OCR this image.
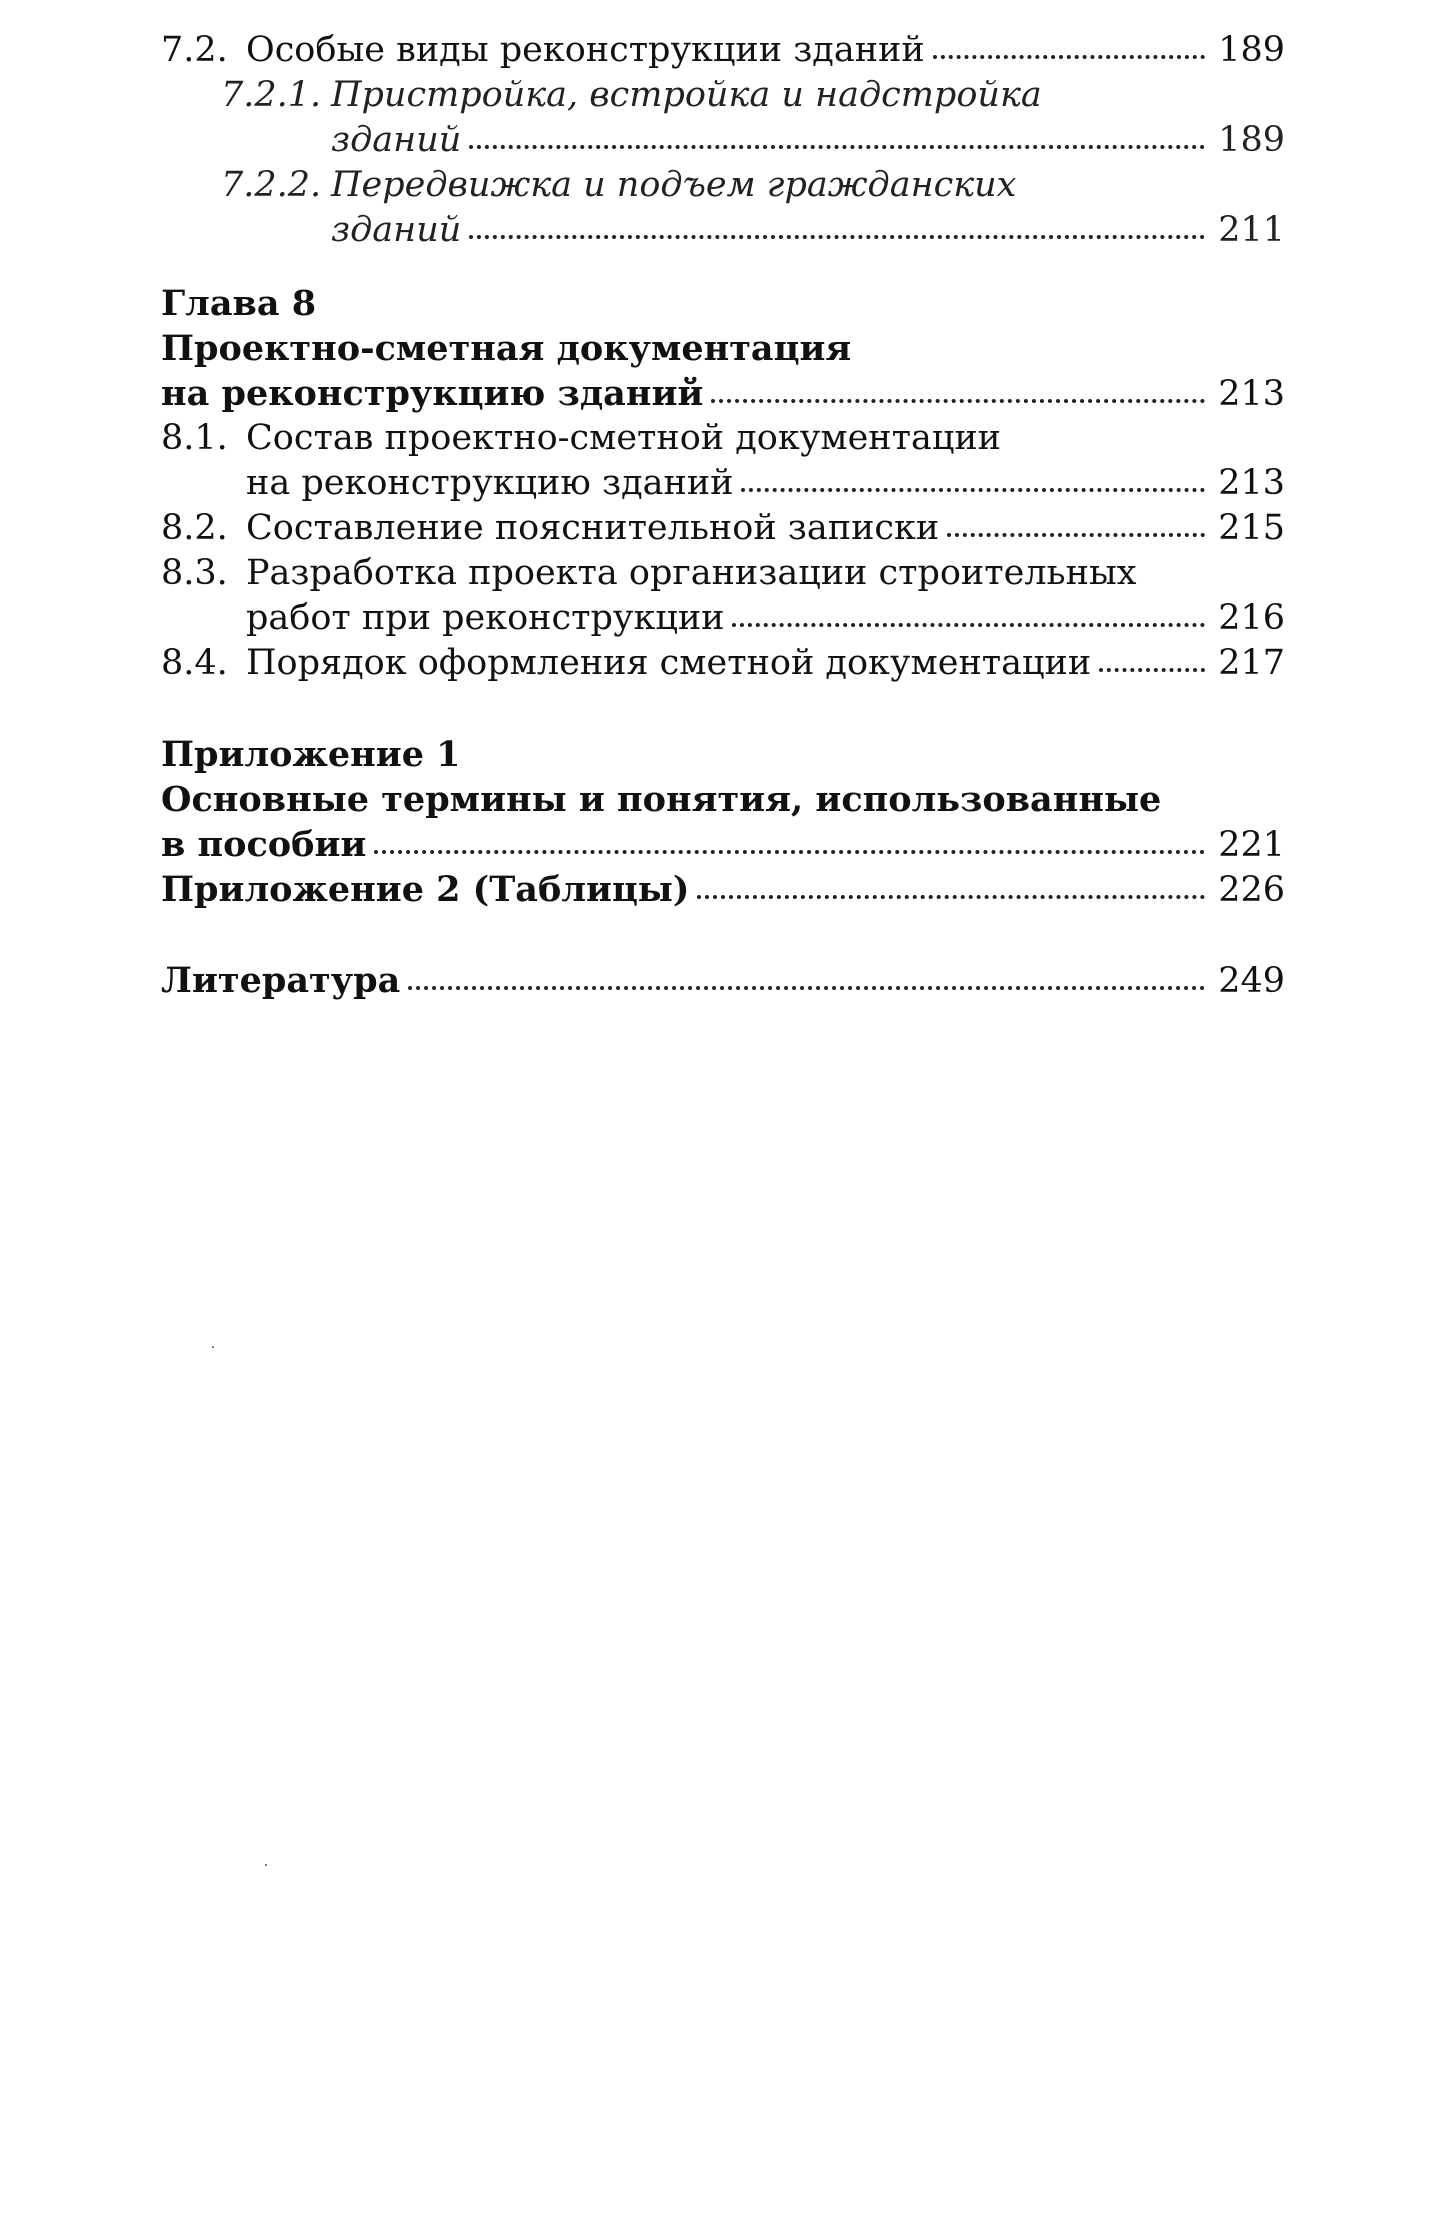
7.2. Особые виды реконструкции зданий	189
7.2.1. Пристройка, встройка и надстройка
зданий	189
7.2.2. Передвижка и подъем гражданских
зданий	211
Глава 8
Проектно-сметная документация
на реконструкцию зданий	213
8.1. Состав проектно-сметной документации
на реконструкцию зданий	213
8.2. Составление пояснительной записки	215
8.3. Разработка проекта организации строительных
работ при реконструкции	216
8.4. Порядок оформления сметной документации	217
Приложение 1
Основные термины и понятия, использованные
в пособии	221
Приложение 2 (Таблицы)	226
Литература	249
